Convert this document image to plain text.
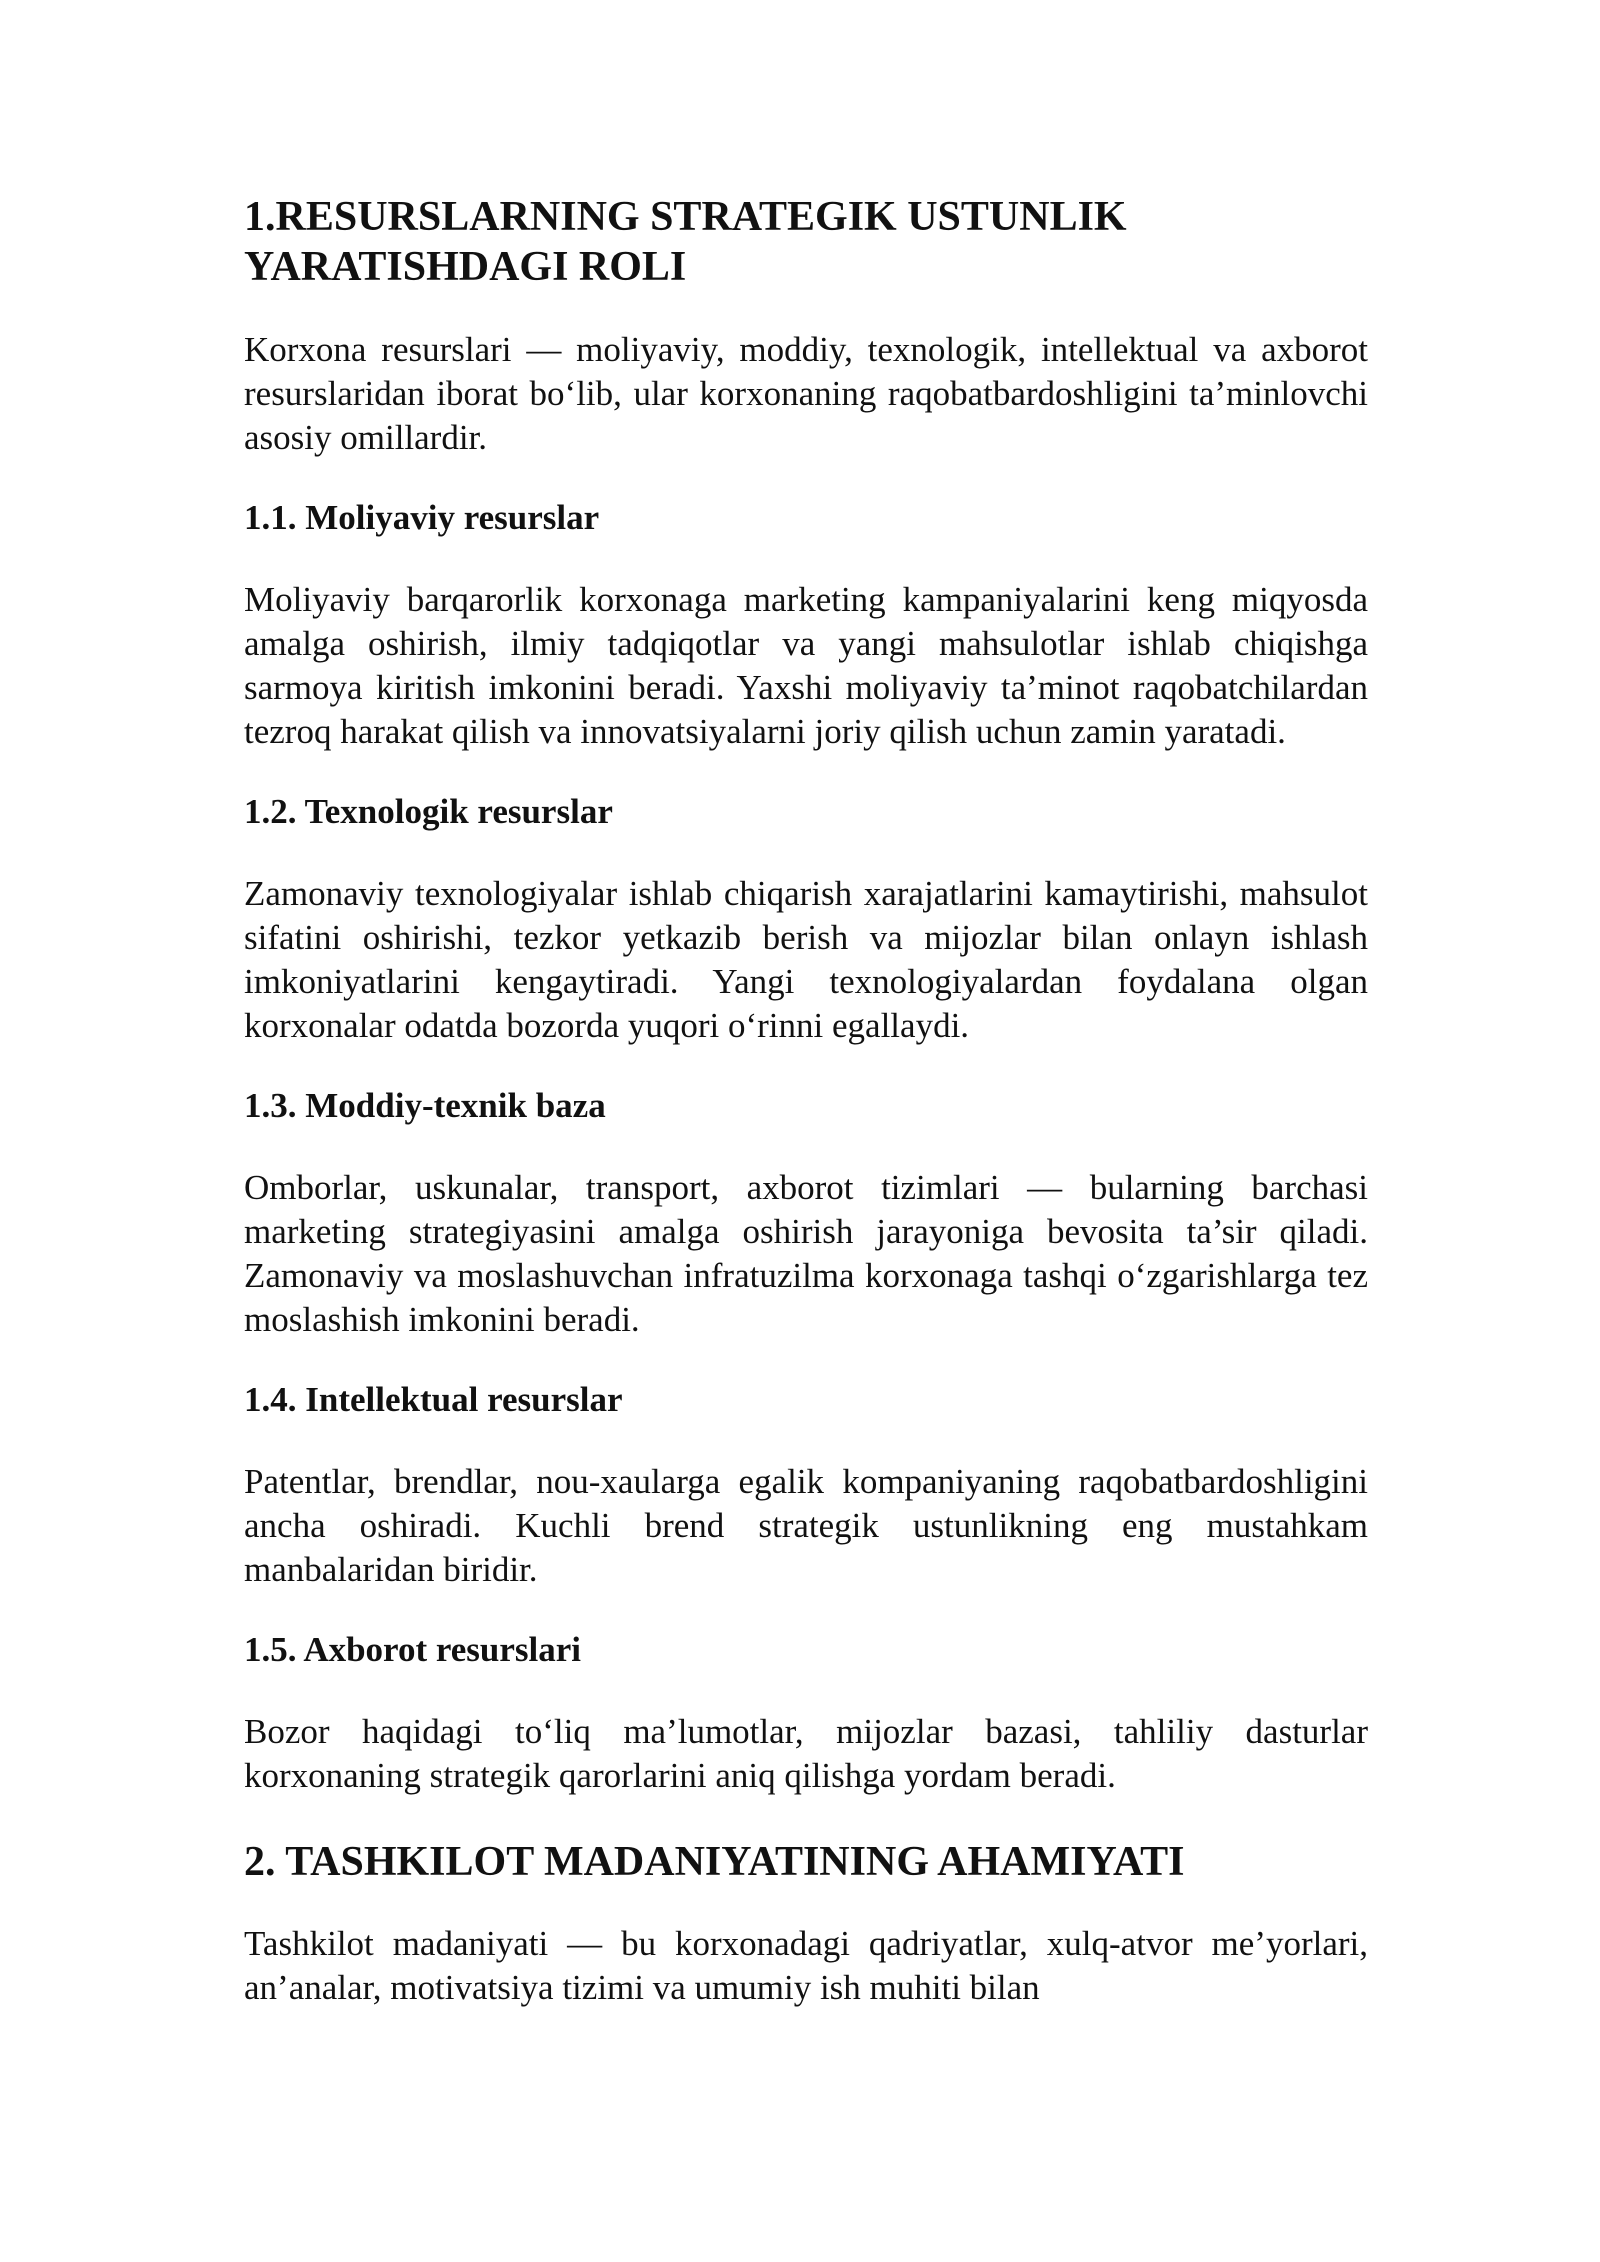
1.RESURSLARNING STRATEGIK USTUNLIK YARATISHDAGI ROLI

Korxona resurslari — moliyaviy, moddiy, texnologik, intellektual va axborot resurslaridan iborat bo‘lib, ular korxonaning raqobatbardoshligini ta’minlovchi asosiy omillardir.

1.1. Moliyaviy resurslar

Moliyaviy barqarorlik korxonaga marketing kampaniyalarini keng miqyosda amalga oshirish, ilmiy tadqiqotlar va yangi mahsulotlar ishlab chiqishga sarmoya kiritish imkonini beradi. Yaxshi moliyaviy ta’minot raqobatchilardan tezroq harakat qilish va innovatsiyalarni joriy qilish uchun zamin yaratadi.

1.2. Texnologik resurslar

Zamonaviy texnologiyalar ishlab chiqarish xarajatlarini kamaytirishi, mahsulot sifatini oshirishi, tezkor yetkazib berish va mijozlar bilan onlayn ishlash imkoniyatlarini kengaytiradi. Yangi texnologiyalardan foydalana olgan korxonalar odatda bozorda yuqori o‘rinni egallaydi.

1.3. Moddiy-texnik baza

Omborlar, uskunalar, transport, axborot tizimlari — bularning barchasi marketing strategiyasini amalga oshirish jarayoniga bevosita ta’sir qiladi. Zamonaviy va moslashuvchan infratuzilma korxonaga tashqi o‘zgarishlarga tez moslashish imkonini beradi.

1.4. Intellektual resurslar

Patentlar, brendlar, nou-xaularga egalik kompaniyaning raqobatbardoshligini ancha oshiradi. Kuchli brend strategik ustunlikning eng mustahkam manbalaridan biridir.

1.5. Axborot resurslari

Bozor haqidagi to‘liq ma’lumotlar, mijozlar bazasi, tahliliy dasturlar korxonaning strategik qarorlarini aniq qilishga yordam beradi.

2. TASHKILOT MADANIYATINING AHAMIYATI

Tashkilot madaniyati — bu korxonadagi qadriyatlar, xulq-atvor me’yorlari, an’analar, motivatsiya tizimi va umumiy ish muhiti bilan
